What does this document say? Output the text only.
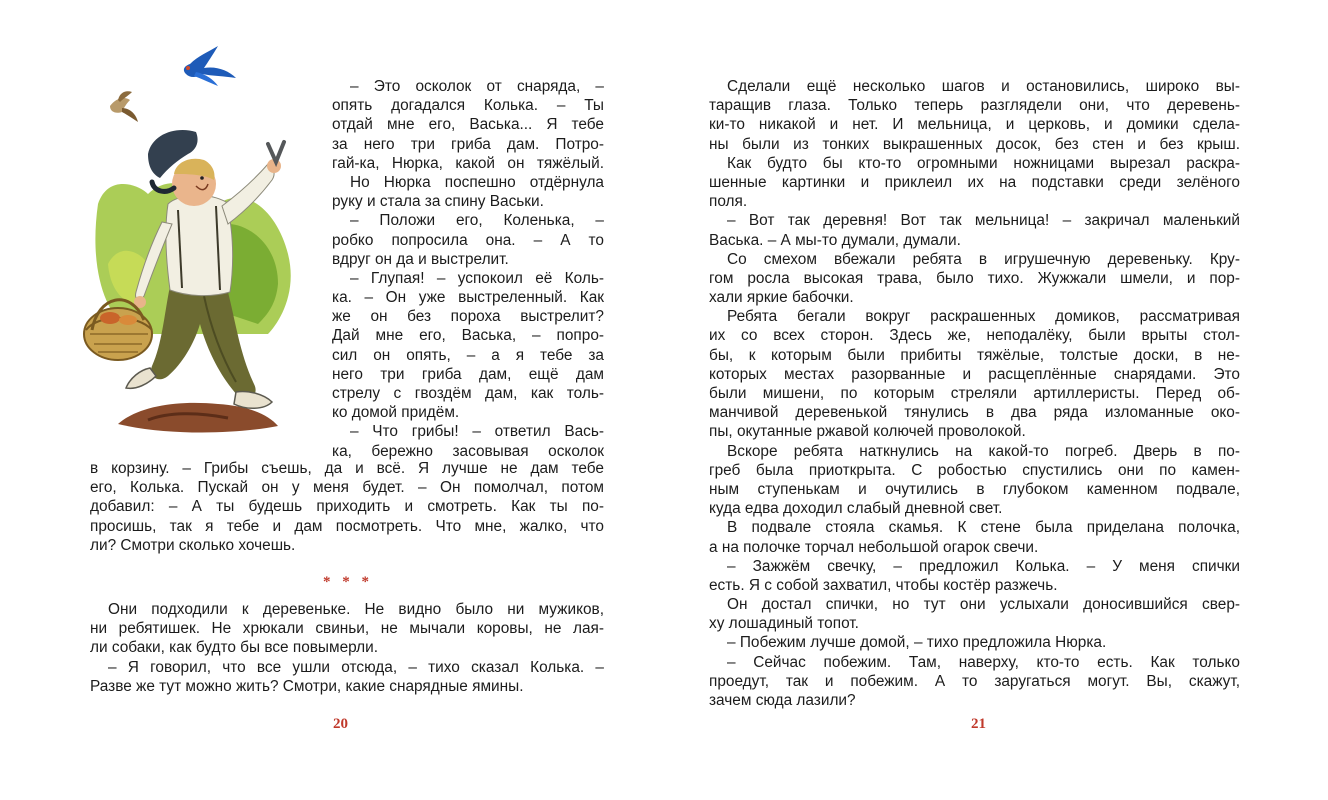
– Это осколок от снаряда, –
опять догадался Колька. – Ты
отдай мне его, Васька... Я тебе
за него три гриба дам. Потро-
гай-ка, Нюрка, какой он тяжёлый.
Но Нюрка поспешно отдёрнула
руку и стала за спину Васьки.
– Положи его, Коленька, –
робко попросила она. – А то
вдруг он да и выстрелит.
– Глупая! – успокоил её Коль-
ка. – Он уже выстреленный. Как
же он без пороха выстрелит?
Дай мне его, Васька, – попро-
сил он опять, – а я тебе за
него три гриба дам, ещё дам
стрелу с гвоздём дам, как толь-
ко домой придём.
– Что грибы! – ответил Вась-
ка, бережно засовывая осколок
в корзину. – Грибы съешь, да и всё. Я лучше не дам тебе
его, Колька. Пускай он у меня будет. – Он помолчал, потом
добавил: – А ты будешь приходить и смотреть. Как ты по-
просишь, так я тебе и дам посмотреть. Что мне, жалко, что
ли? Смотри сколько хочешь.
* * *
Они подходили к деревеньке. Не видно было ни мужиков,
ни ребятишек. Не хрюкали свиньи, не мычали коровы, не лая-
ли собаки, как будто бы все повымерли.
– Я говорил, что все ушли отсюда, – тихо сказал Колька. –
Разве же тут можно жить? Смотри, какие снарядные ямины.
20
Сделали ещё несколько шагов и остановились, широко вы-
таращив глаза. Только теперь разглядели они, что деревень-
ки-то никакой и нет. И мельница, и церковь, и домики сдела-
ны были из тонких выкрашенных досок, без стен и без крыш.
Как будто бы кто-то огромными ножницами вырезал раскра-
шенные картинки и приклеил их на подставки среди зелёного
поля.
– Вот так деревня! Вот так мельница! – закричал маленький
Васька. – А мы-то думали, думали.
Со смехом вбежали ребята в игрушечную деревеньку. Кру-
гом росла высокая трава, было тихо. Жужжали шмели, и пор-
хали яркие бабочки.
Ребята бегали вокруг раскрашенных домиков, рассматривая
их со всех сторон. Здесь же, неподалёку, были врыты стол-
бы, к которым были прибиты тяжёлые, толстые доски, в не-
которых местах разорванные и расщеплённые снарядами. Это
были мишени, по которым стреляли артиллеристы. Перед об-
манчивой деревенькой тянулись в два ряда изломанные око-
пы, окутанные ржавой колючей проволокой.
Вскоре ребята наткнулись на какой-то погреб. Дверь в по-
греб была приоткрыта. С робостью спустились они по камен-
ным ступенькам и очутились в глубоком каменном подвале,
куда едва доходил слабый дневной свет.
В подвале стояла скамья. К стене была приделана полочка,
а на полочке торчал небольшой огарок свечи.
– Зажжём свечку, – предложил Колька. – У меня спички
есть. Я с собой захватил, чтобы костёр разжечь.
Он достал спички, но тут они услыхали доносившийся свер-
ху лошадиный топот.
– Побежим лучше домой, – тихо предложила Нюрка.
– Сейчас побежим. Там, наверху, кто-то есть. Как только
проедут, так и побежим. А то заругаться могут. Вы, скажут,
зачем сюда лазили?
21
